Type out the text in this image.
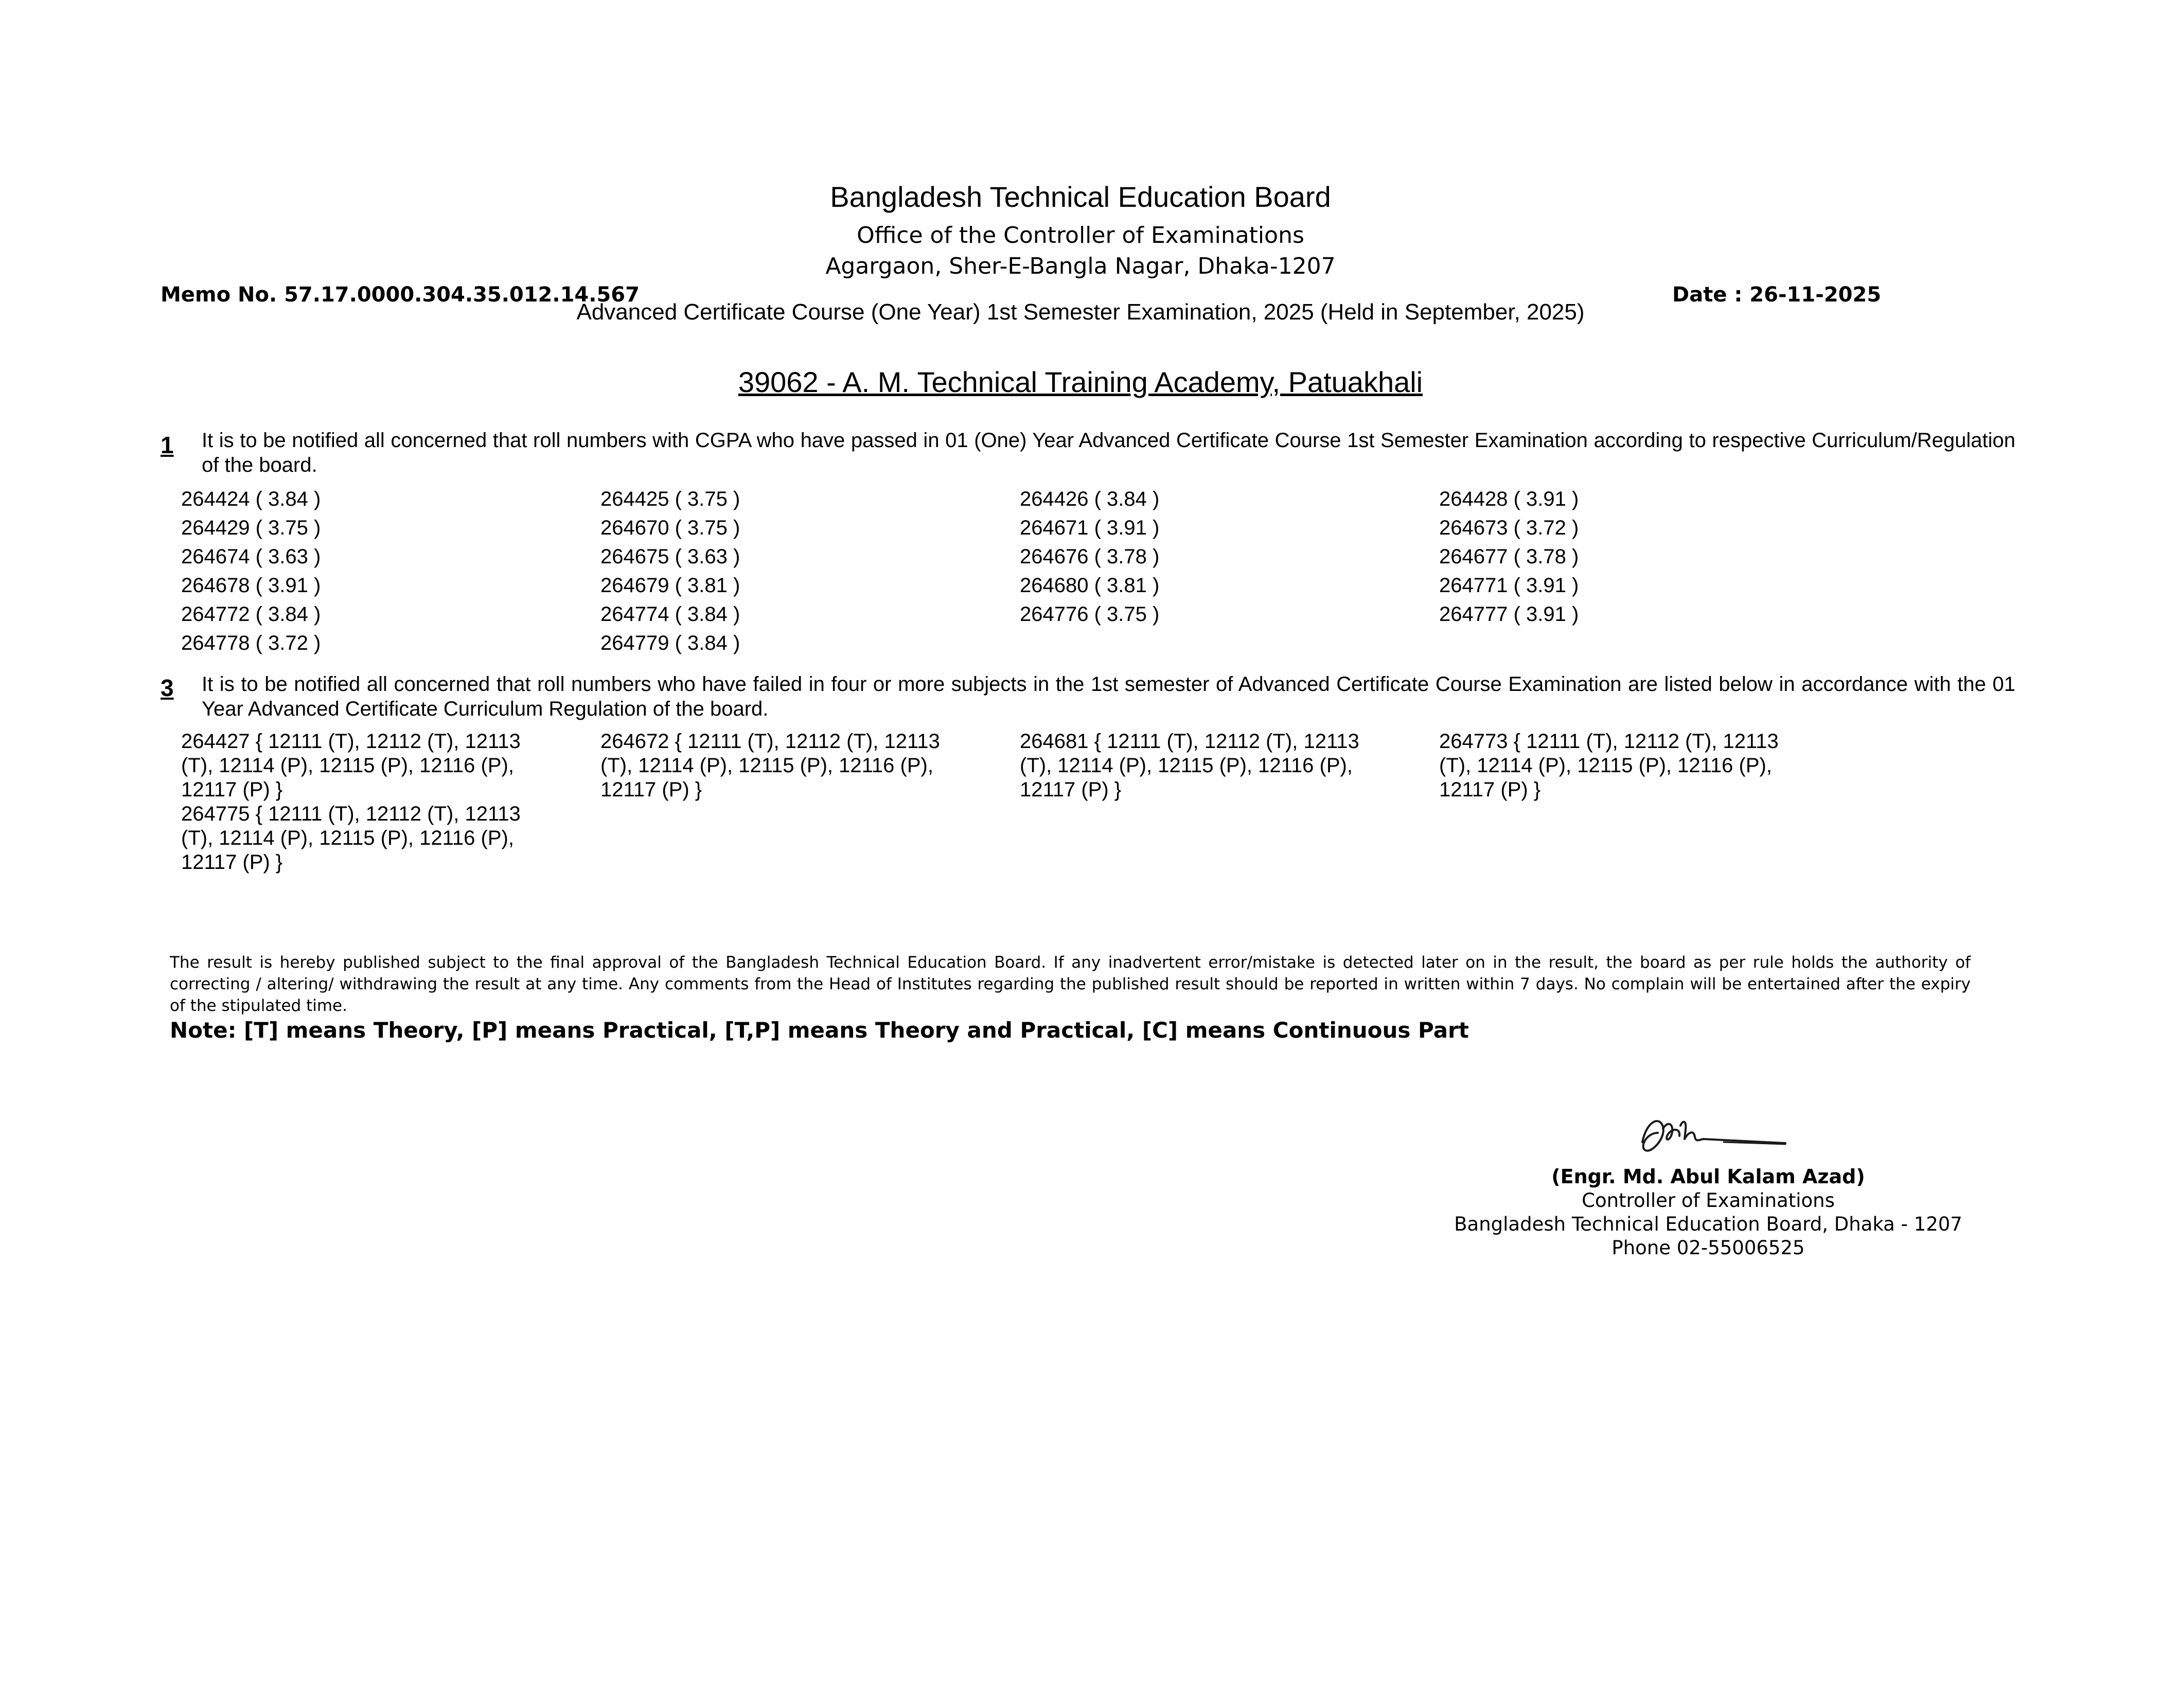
Bangladesh Technical Education Board
Office of the Controller of Examinations
Agargaon, Sher-E-Bangla Nagar, Dhaka-1207
Memo No. 57.17.0000.304.35.012.14.567	Date : 26-11-2025
Advanced Certificate Course (One Year) 1st Semester Examination, 2025 (Held in September, 2025)
39062 - A. M. Technical Training Academy, Patuakhali
1 It is to be notified all concerned that roll numbers with CGPA who have passed in 01 (One) Year Advanced Certificate Course 1st Semester Examination according to respective Curriculum/Regulation of the board.
264424 ( 3.84 )	264425 ( 3.75 )	264426 ( 3.84 )	264428 ( 3.91 )
264429 ( 3.75 )	264670 ( 3.75 )	264671 ( 3.91 )	264673 ( 3.72 )
264674 ( 3.63 )	264675 ( 3.63 )	264676 ( 3.78 )	264677 ( 3.78 )
264678 ( 3.91 )	264679 ( 3.81 )	264680 ( 3.81 )	264771 ( 3.91 )
264772 ( 3.84 )	264774 ( 3.84 )	264776 ( 3.75 )	264777 ( 3.91 )
264778 ( 3.72 )	264779 ( 3.84 )
3 It is to be notified all concerned that roll numbers who have failed in four or more subjects in the 1st semester of Advanced Certificate Course Examination are listed below in accordance with the 01 Year Advanced Certificate Curriculum Regulation of the board.
264427 { 12111 (T), 12112 (T), 12113 (T), 12114 (P), 12115 (P), 12116 (P), 12117 (P) }
264672 { 12111 (T), 12112 (T), 12113 (T), 12114 (P), 12115 (P), 12116 (P), 12117 (P) }
264681 { 12111 (T), 12112 (T), 12113 (T), 12114 (P), 12115 (P), 12116 (P), 12117 (P) }
264773 { 12111 (T), 12112 (T), 12113 (T), 12114 (P), 12115 (P), 12116 (P), 12117 (P) }
264775 { 12111 (T), 12112 (T), 12113 (T), 12114 (P), 12115 (P), 12116 (P), 12117 (P) }
The result is hereby published subject to the final approval of the Bangladesh Technical Education Board. If any inadvertent error/mistake is detected later on in the result, the board as per rule holds the authority of correcting / altering/ withdrawing the result at any time. Any comments from the Head of Institutes regarding the published result should be reported in written within 7 days. No complain will be entertained after the expiry of the stipulated time.
Note: [T] means Theory, [P] means Practical, [T,P] means Theory and Practical, [C] means Continuous Part
(Engr. Md. Abul Kalam Azad)
Controller of Examinations
Bangladesh Technical Education Board, Dhaka - 1207
Phone 02-55006525
